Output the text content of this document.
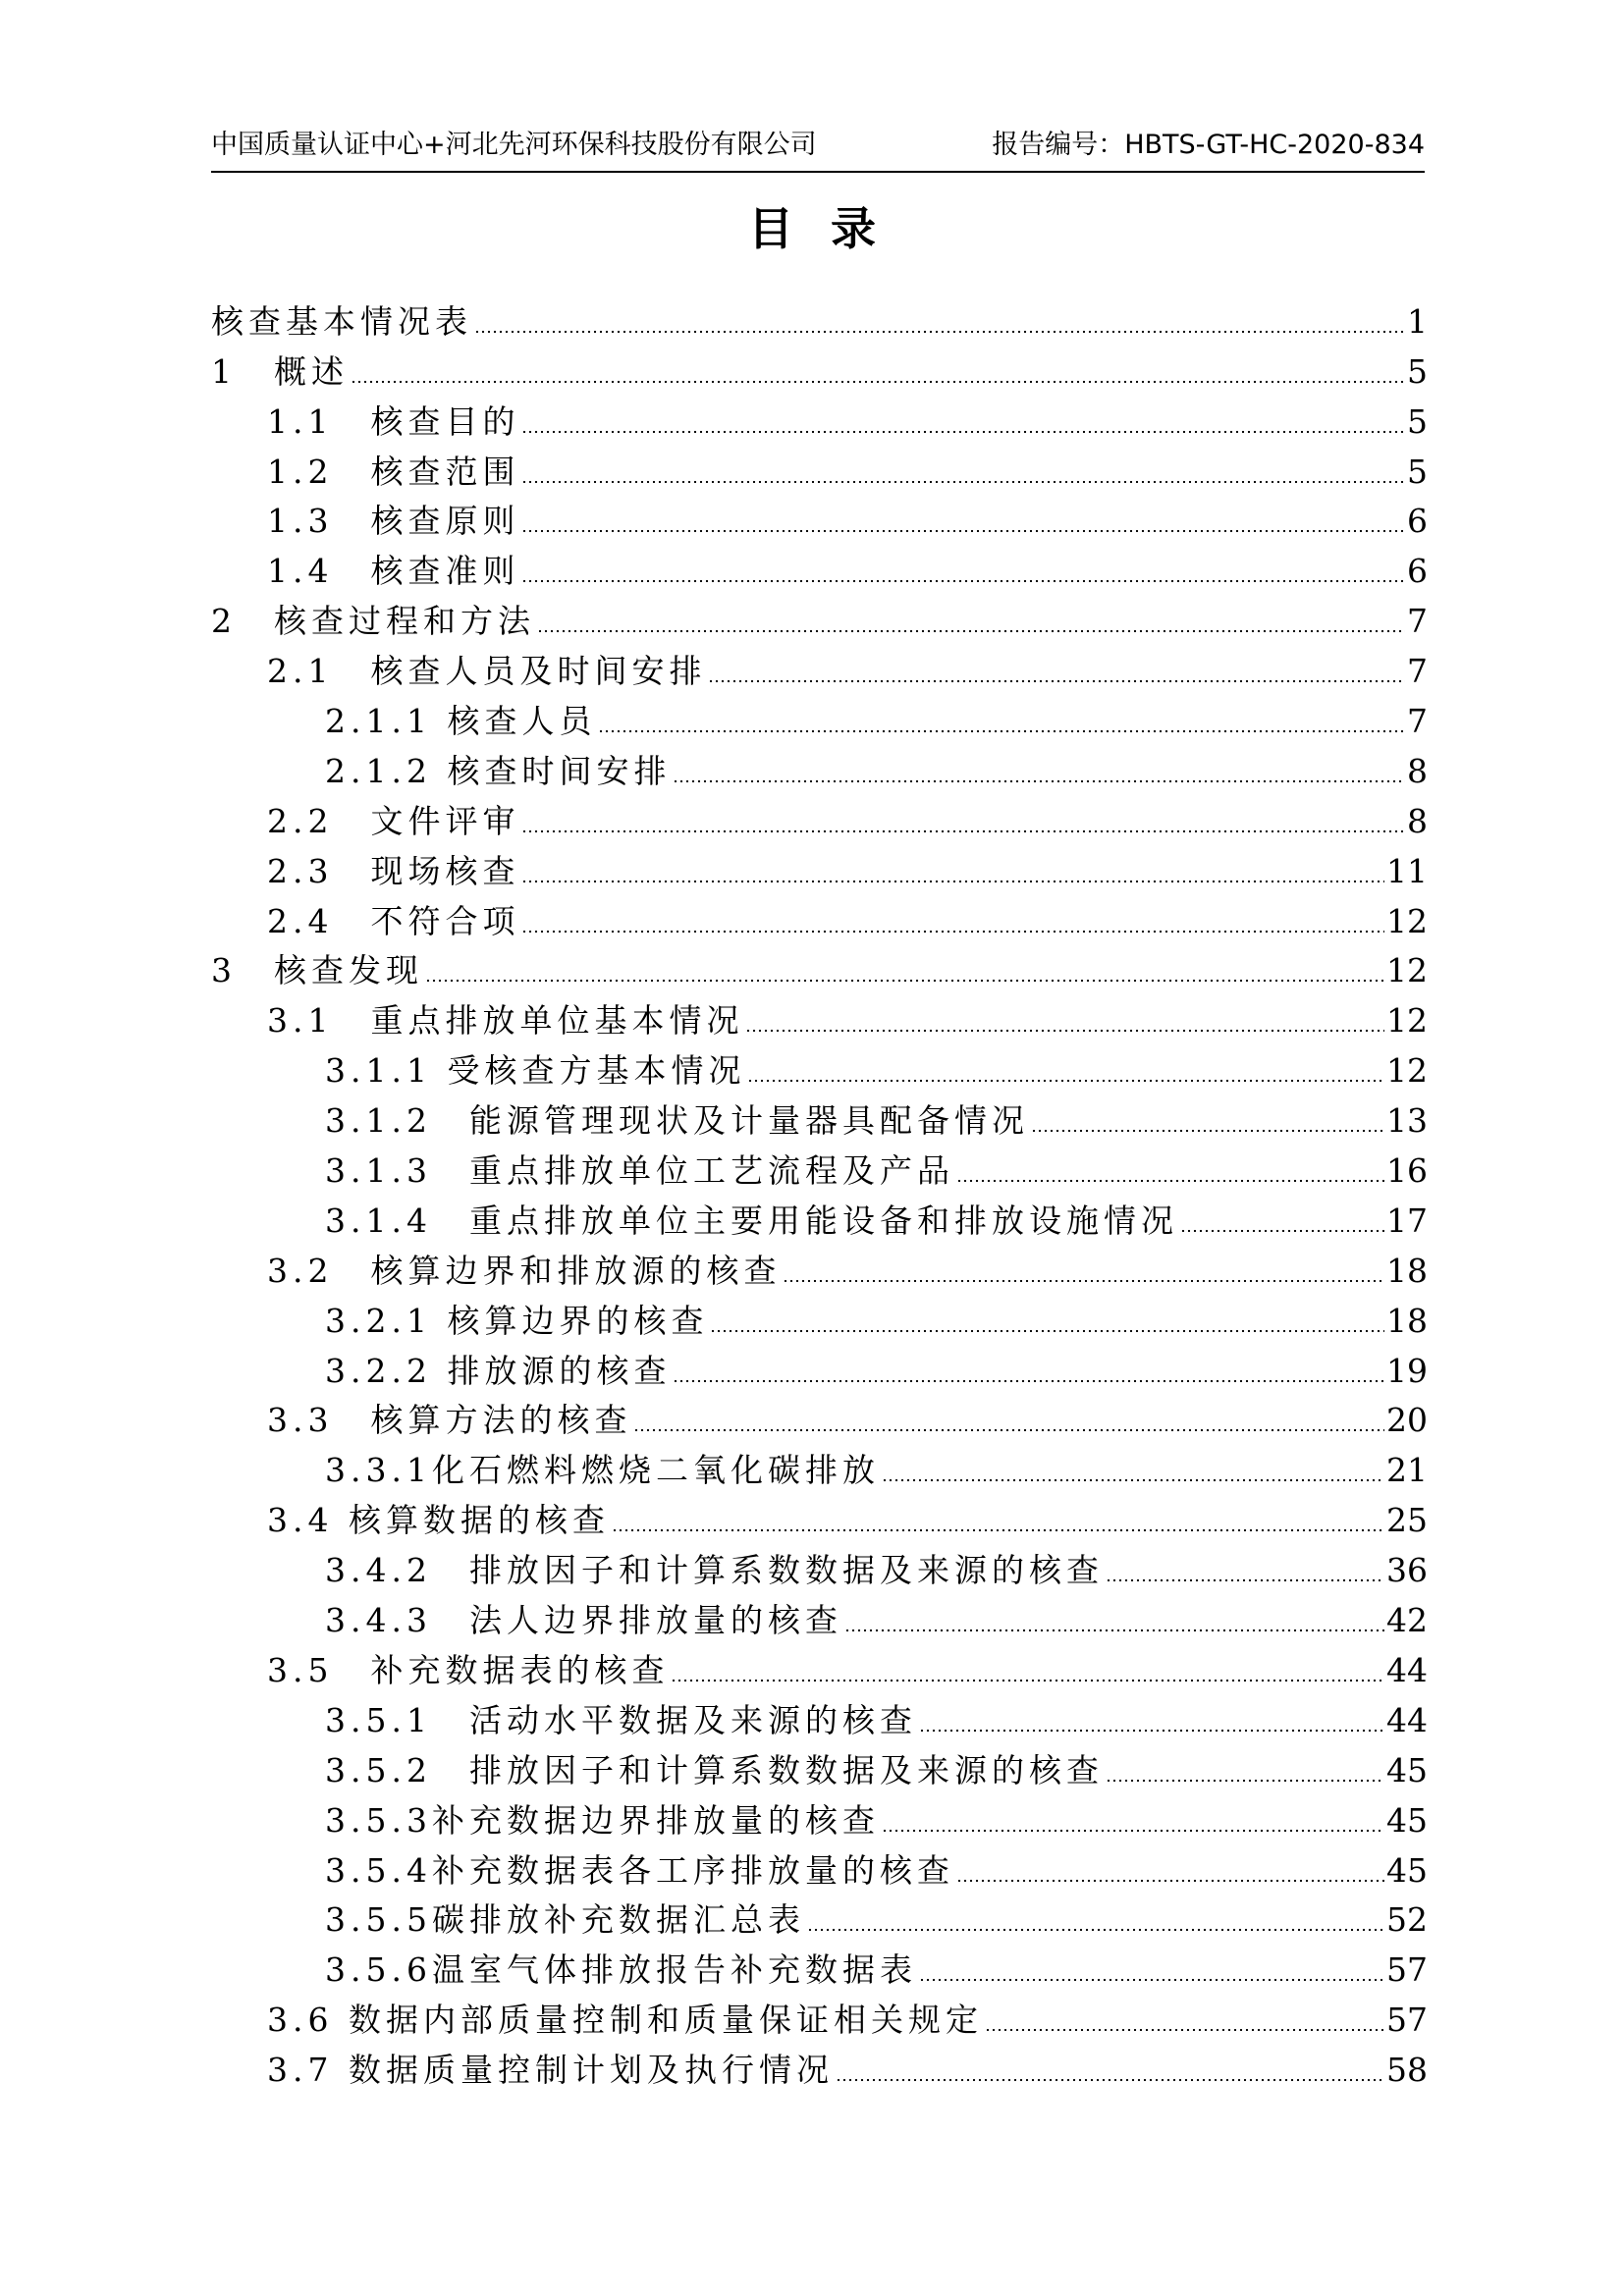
中国质量认证中心+河北先河环保科技股份有限公司	报告编号：HBTS-GT-HC-2020-834
目录
核查基本情况表	1
1　概述	5
1.1　核查目的	5
1.2　核查范围	5
1.3　核查原则	6
1.4　核查准则	6
2　核查过程和方法	7
2.1　核查人员及时间安排	7
2.1.1 核查人员	7
2.1.2 核查时间安排	8
2.2　文件评审	8
2.3　现场核查	11
2.4　不符合项	12
3　核查发现	12
3.1　重点排放单位基本情况	12
3.1.1 受核查方基本情况	12
3.1.2　能源管理现状及计量器具配备情况	13
3.1.3　重点排放单位工艺流程及产品	16
3.1.4　重点排放单位主要用能设备和排放设施情况	17
3.2　核算边界和排放源的核查	18
3.2.1 核算边界的核查	18
3.2.2 排放源的核查	19
3.3　核算方法的核查	20
3.3.1化石燃料燃烧二氧化碳排放	21
3.4 核算数据的核查	25
3.4.2　排放因子和计算系数数据及来源的核查	36
3.4.3　法人边界排放量的核查	42
3.5　补充数据表的核查	44
3.5.1　活动水平数据及来源的核查	44
3.5.2　排放因子和计算系数数据及来源的核查	45
3.5.3补充数据边界排放量的核查	45
3.5.4补充数据表各工序排放量的核查	45
3.5.5碳排放补充数据汇总表	52
3.5.6温室气体排放报告补充数据表	57
3.6 数据内部质量控制和质量保证相关规定	57
3.7 数据质量控制计划及执行情况	58
